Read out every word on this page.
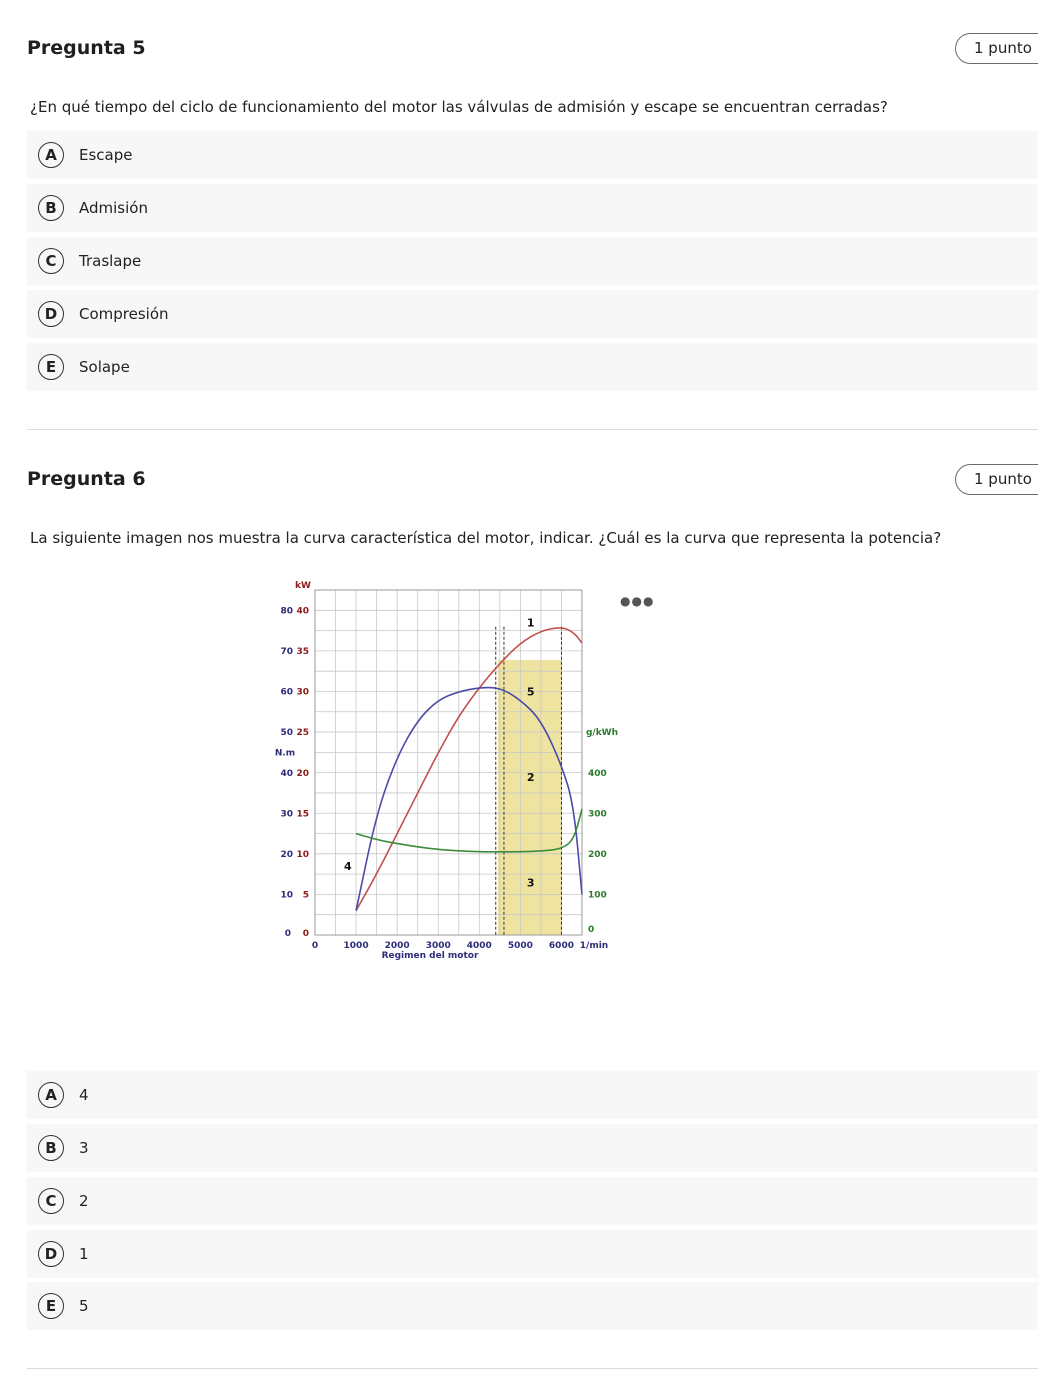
Pregunta 5	1 punto
¿En qué tiempo del ciclo de funcionamiento del motor las válvulas de admisión y escape se encuentran cerradas?
A	Escape
B	Admisión
C	Traslape
D	Compresión
E	Solape
Pregunta 6	1 punto
La siguiente imagen nos muestra la curva característica del motor, indicar. ¿Cuál es la curva que representa la potencia?
●●●
kW
5
10
15
20
25
30
35
40
0
N.m
0
10
20
30
40
50
60
70
80
g/kWh
0
100
200
300
400
0	1000 2000 3000 4000 5000 6000 1/min
Regimen del motor
1
2
3
4
5
A	4
B	3
C	2
D	1
E	5
